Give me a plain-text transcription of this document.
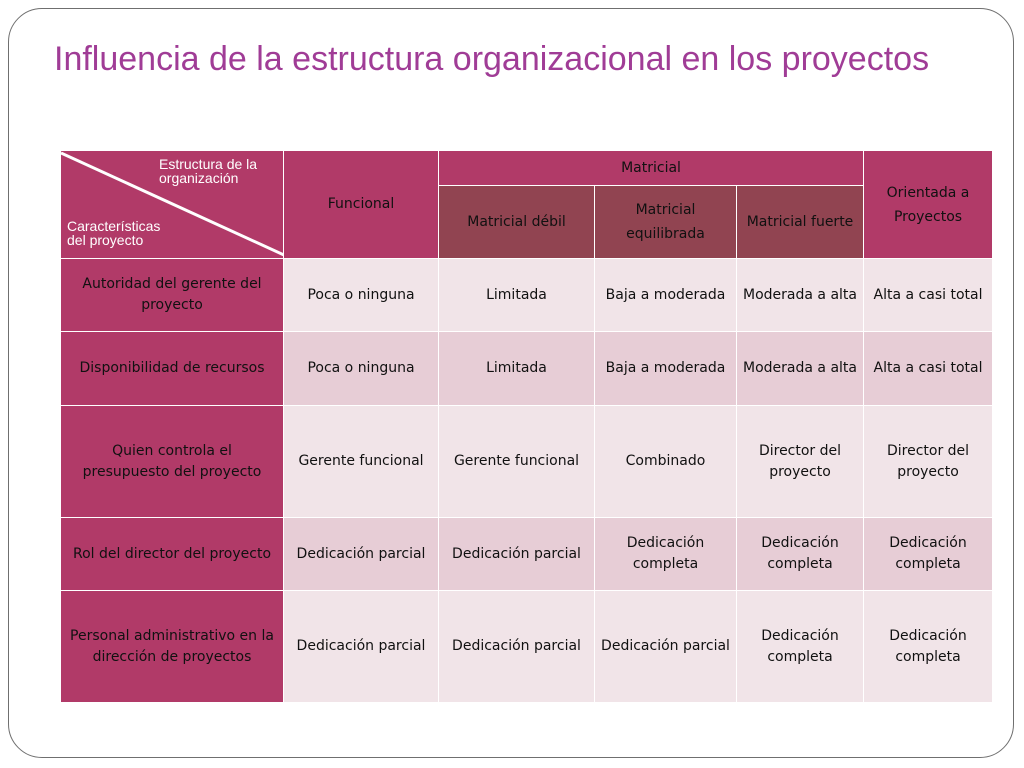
Influencia de la estructura organizacional en los proyectos
Estructura de la
organización
Características
del proyecto	Funcional	Matricial			Orientada a Proyectos
		Matricial débil	Matricial equilibrada	Matricial fuerte	
Autoridad del gerente del proyecto	Poca o ninguna	Limitada	Baja a moderada	Moderada a alta	Alta a casi total
Disponibilidad de recursos	Poca o ninguna	Limitada	Baja a moderada	Moderada a alta	Alta a casi total
Quien controla el presupuesto del proyecto	Gerente funcional	Gerente funcional	Combinado	Director del proyecto	Director del proyecto
Rol del director del proyecto	Dedicación parcial	Dedicación parcial	Dedicación completa	Dedicación completa	Dedicación completa
Personal administrativo en la dirección de proyectos	Dedicación parcial	Dedicación parcial	Dedicación parcial	Dedicación completa	Dedicación completa
